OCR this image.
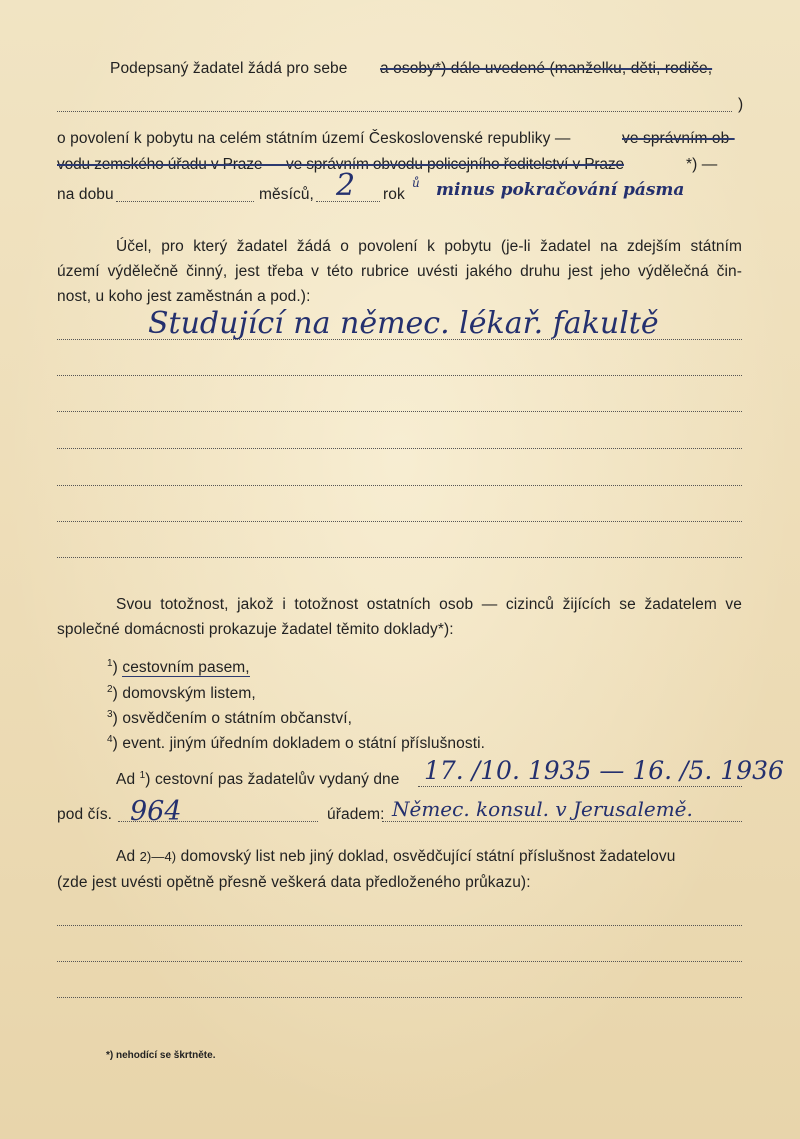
Podepsaný žadatel žádá pro sebe a osoby*) dále uvedené (manželku, děti, rodiče,
)
o povolení k pobytu na celém státním území Československé republiky —	ve správním ob-
vodu zemského úřadu v Praze — ve správním obvodu policejního ředitelství v Praze	*) —
na dobu	měsíců, 2 rok
ů minus pokračování pásma
Účel, pro který žadatel žádá o povolení k pobytu (je-li žadatel na zdejším státním
území výdělečně činný, jest třeba v této rubrice uvésti jakého druhu jest jeho výdělečná čin-
nost, u koho jest zaměstnán a pod.):
Studující na němec. lékař. fakultě
Svou totožnost, jakož i totožnost ostatních osob — cizinců žijících se žadatelem ve
společné domácnosti prokazuje žadatel těmito doklady*):
$^1$) cestovním pasem,
$^2$) domovským listem,
$^3$) osvědčením o státním občanství,
$^4$) event. jiným úředním dokladem o státní příslušnosti.
Ad $^1$) cestovní pas žadatelův vydaný dne 17. /10. 1935 — 16. /5. 1936
pod čís. 964	úřadem: Němec. konsul. v Jerusalemě.
Ad 2)—4) domovský list neb jiný doklad, osvědčující státní příslušnost žadatelovu
(zde jest uvésti opětně přesně veškerá data předloženého průkazu):
*) nehodící se škrtněte.
